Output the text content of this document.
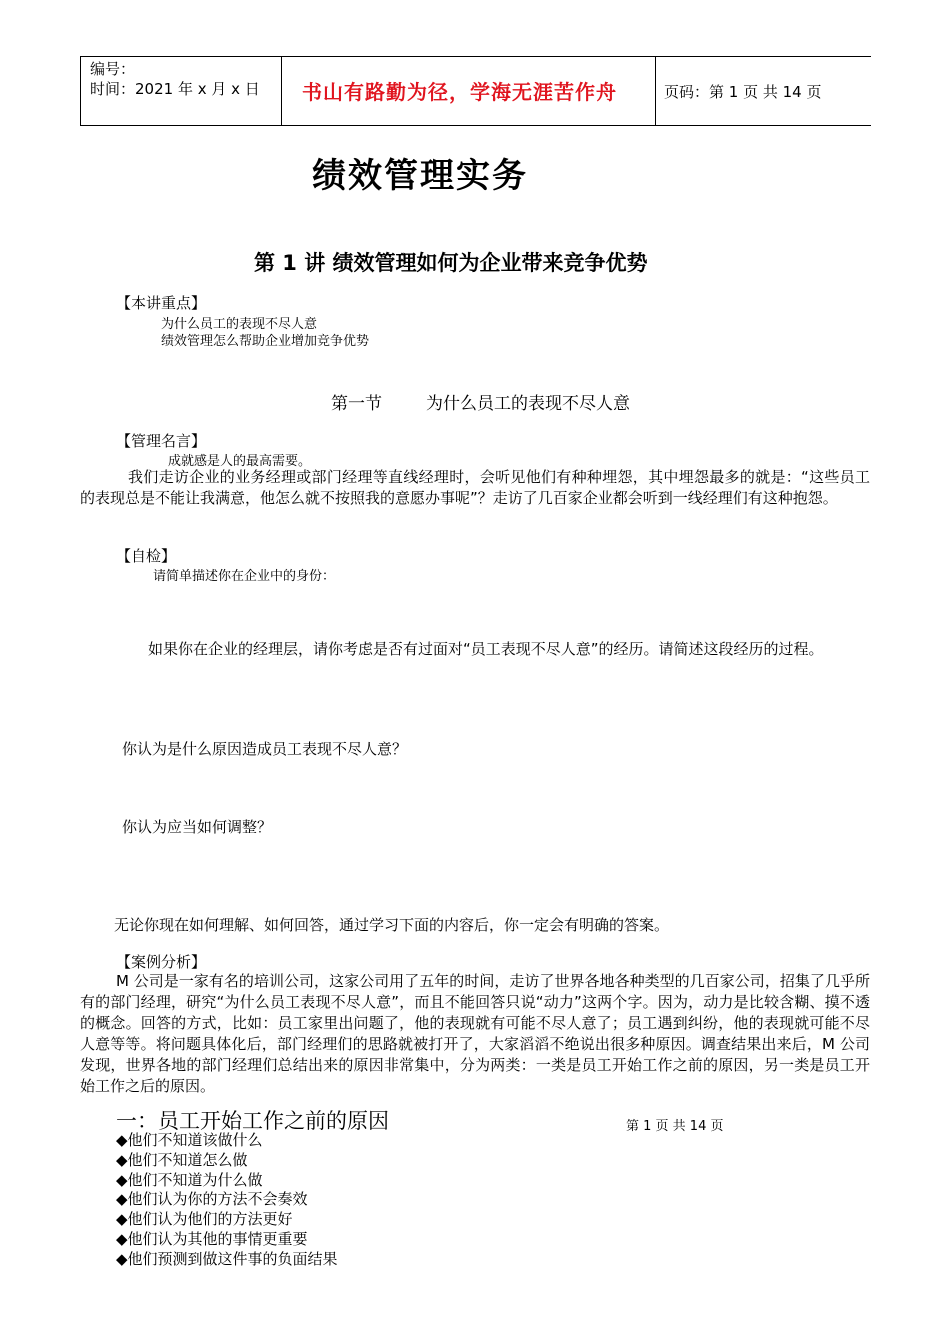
编号：
时间：2021 年 x 月 x 日 书山有路勤为径，学海无涯苦作舟	页码：第 1 页 共 14 页
绩效管理实务
第 1 讲 绩效管理如何为企业带来竞争优势
【本讲重点】
为什么员工的表现不尽人意
绩效管理怎么帮助企业增加竞争优势
第一节	为什么员工的表现不尽人意
【管理名言】
成就感是人的最高需要。
我们走访企业的业务经理或部门经理等直线经理时，会听见他们有种种埋怨，其中埋怨最多的就是：“这些员工的表现总是不能让我满意，他怎么就不按照我的意愿办事呢”？走访了几百家企业都会听到一线经理们有这种抱怨。
【自检】
请简单描述你在企业中的身份：
如果你在企业的经理层，请你考虑是否有过面对“员工表现不尽人意”的经历。请简述这段经历的过程。
你认为是什么原因造成员工表现不尽人意？
你认为应当如何调整？
无论你现在如何理解、如何回答，通过学习下面的内容后，你一定会有明确的答案。
【案例分析】
M 公司是一家有名的培训公司，这家公司用了五年的时间，走访了世界各地各种类型的几百家公司，招集了几乎所有的部门经理，研究“为什么员工表现不尽人意”，而且不能回答只说“动力”这两个字。因为，动力是比较含糊、摸不透的概念。回答的方式，比如：员工家里出问题了，他的表现就有可能不尽人意了；员工遇到纠纷，他的表现就可能不尽人意等等。将问题具体化后，部门经理们的思路就被打开了，大家滔滔不绝说出很多种原因。调查结果出来后，M 公司发现，世界各地的部门经理们总结出来的原因非常集中，分为两类：一类是员工开始工作之前的原因，另一类是员工开始工作之后的原因。
一：员工开始工作之前的原因	第 1 页 共 14 页
◆他们不知道该做什么
◆他们不知道怎么做
◆他们不知道为什么做
◆他们认为你的方法不会奏效
◆他们认为他们的方法更好
◆他们认为其他的事情更重要
◆他们预测到做这件事的负面结果
